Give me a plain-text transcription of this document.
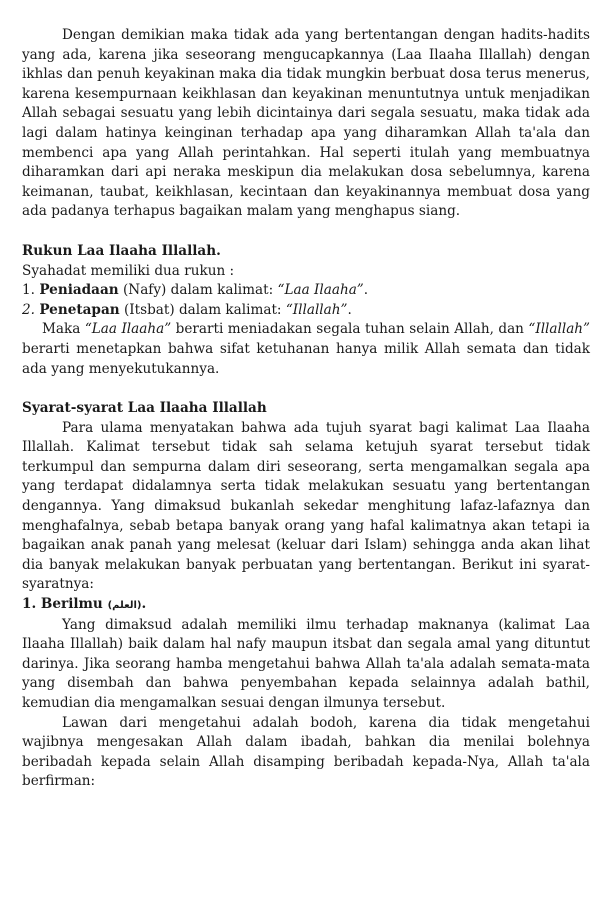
Dengan demikian maka tidak ada yang bertentangan dengan hadits-hadits yang ada, karena jika seseorang mengucapkannya (Laa Ilaaha Illallah) dengan ikhlas dan penuh keyakinan maka dia tidak mungkin berbuat dosa terus menerus, karena kesempurnaan keikhlasan dan keyakinan menuntutnya untuk menjadikan Allah sebagai sesuatu yang lebih dicintainya dari segala sesuatu, maka tidak ada lagi dalam hatinya keinginan terhadap apa yang diharamkan Allah ta'ala dan membenci apa yang Allah perintahkan. Hal seperti itulah yang membuatnya diharamkan dari api neraka meskipun dia melakukan dosa sebelumnya, karena keimanan, taubat, keikhlasan, kecintaan dan keyakinannya membuat dosa yang ada padanya terhapus bagaikan malam yang menghapus siang.

Rukun Laa Ilaaha Illallah.

Syahadat memiliki dua rukun :

1. Peniadaan (Nafy) dalam kalimat: “Laa Ilaaha”.
2. Penetapan (Itsbat) dalam kalimat: “Illallah”.

Maka “Laa Ilaaha” berarti meniadakan segala tuhan selain Allah, dan “Illallah” berarti menetapkan bahwa sifat ketuhanan hanya milik Allah semata dan tidak ada yang menyekutukannya.

Syarat-syarat Laa Ilaaha Illallah

Para ulama menyatakan bahwa ada tujuh syarat bagi kalimat Laa Ilaaha Illallah. Kalimat tersebut tidak sah selama ketujuh syarat tersebut tidak terkumpul dan sempurna dalam diri seseorang, serta mengamalkan segala apa yang terdapat didalamnya serta tidak melakukan sesuatu yang bertentangan dengannya. Yang dimaksud bukanlah sekedar menghitung lafaz-lafaznya dan menghafalnya, sebab betapa banyak orang yang hafal kalimatnya akan tetapi ia bagaikan anak panah yang melesat (keluar dari Islam) sehingga anda akan lihat dia banyak melakukan banyak perbuatan yang bertentangan. Berikut ini syarat-syaratnya:

1. Berilmu (العلم).

Yang dimaksud adalah memiliki ilmu terhadap maknanya (kalimat Laa Ilaaha Illallah) baik dalam hal nafy maupun itsbat dan segala amal yang dituntut darinya. Jika seorang hamba mengetahui bahwa Allah ta'ala adalah semata-mata yang disembah dan bahwa penyembahan kepada selainnya adalah bathil, kemudian dia mengamalkan sesuai dengan ilmunya tersebut.

Lawan dari mengetahui adalah bodoh, karena dia tidak mengetahui wajibnya mengesakan Allah dalam ibadah, bahkan dia menilai bolehnya beribadah kepada selain Allah disamping beribadah kepada-Nya, Allah ta'ala berfirman:
